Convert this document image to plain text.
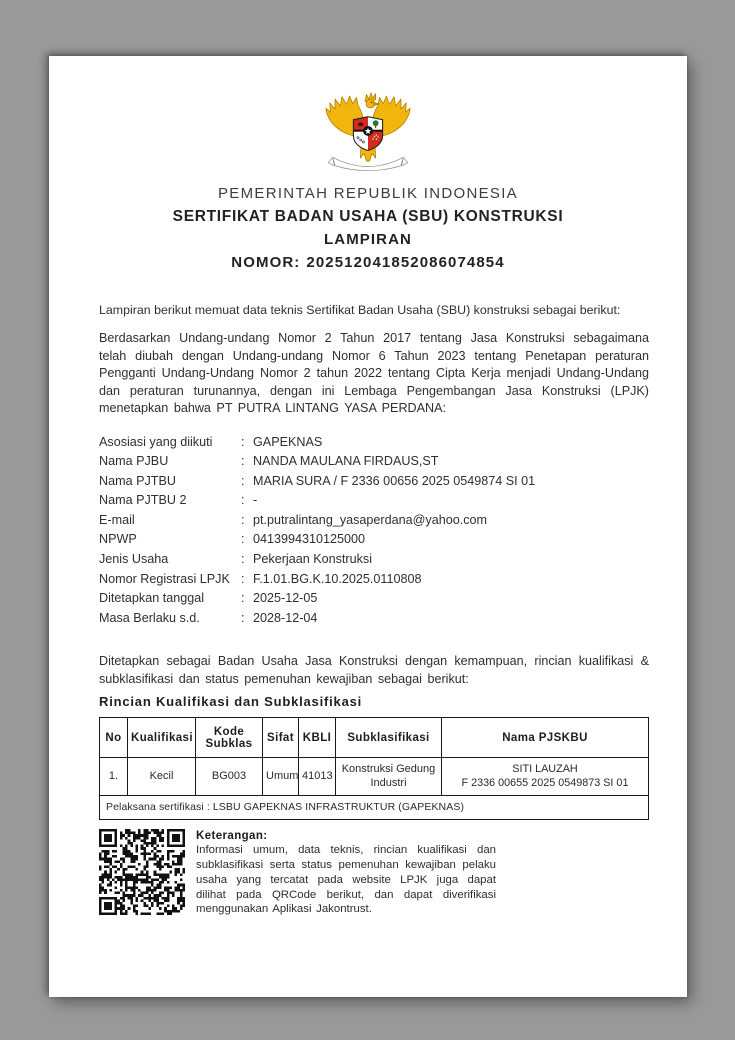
PEMERINTAH REPUBLIK INDONESIA
SERTIFIKAT BADAN USAHA (SBU) KONSTRUKSI
LAMPIRAN
NOMOR: 202512041852086074854

Lampiran berikut memuat data teknis Sertifikat Badan Usaha (SBU) konstruksi sebagai berikut:

Berdasarkan Undang-undang Nomor 2 Tahun 2017 tentang Jasa Konstruksi sebagaimana telah diubah dengan Undang-undang Nomor 6 Tahun 2023 tentang Penetapan peraturan Pengganti Undang-Undang Nomor 2 tahun 2022 tentang Cipta Kerja menjadi Undang-Undang dan peraturan turunannya, dengan ini Lembaga Pengembangan Jasa Konstruksi (LPJK) menetapkan bahwa PT PUTRA LINTANG YASA PERDANA:

Asosiasi yang diikuti	: GAPEKNAS
Nama PJBU	: NANDA MAULANA FIRDAUS,ST
Nama PJTBU	: MARIA SURA / F 2336 00656 2025 0549874 SI 01
Nama PJTBU 2	: -
E-mail	: pt.putralintang_yasaperdana@yahoo.com
NPWP	: 0413994310125000
Jenis Usaha	: Pekerjaan Konstruksi
Nomor Registrasi LPJK : F.1.01.BG.K.10.2025.0110808
Ditetapkan tanggal	: 2025-12-05
Masa Berlaku s.d.	: 2028-12-04

Ditetapkan sebagai Badan Usaha Jasa Konstruksi dengan kemampuan, rincian kualifikasi & subklasifikasi dan status pemenuhan kewajiban sebagai berikut:

Rincian Kualifikasi dan Subklasifikasi
No	Kualifikasi	Kode Subklas	Sifat	KBLI	Subklasifikasi	Nama PJSKBU
1.	Kecil	BG003	Umum	41013	Konstruksi Gedung Industri	SITI LAUZAH
F 2336 00655 2025 0549873 SI 01

Pelaksana sertifikasi : LSBU GAPEKNAS INFRASTRUKTUR (GAPEKNAS)						
Keterangan:
Informasi umum, data teknis, rincian kualifikasi dan subklasifikasi serta status pemenuhan kewajiban pelaku usaha yang tercatat pada website LPJK juga dapat dilihat pada QRCode berikut, dan dapat diverifikasi menggunakan Aplikasi Jakontrust.
